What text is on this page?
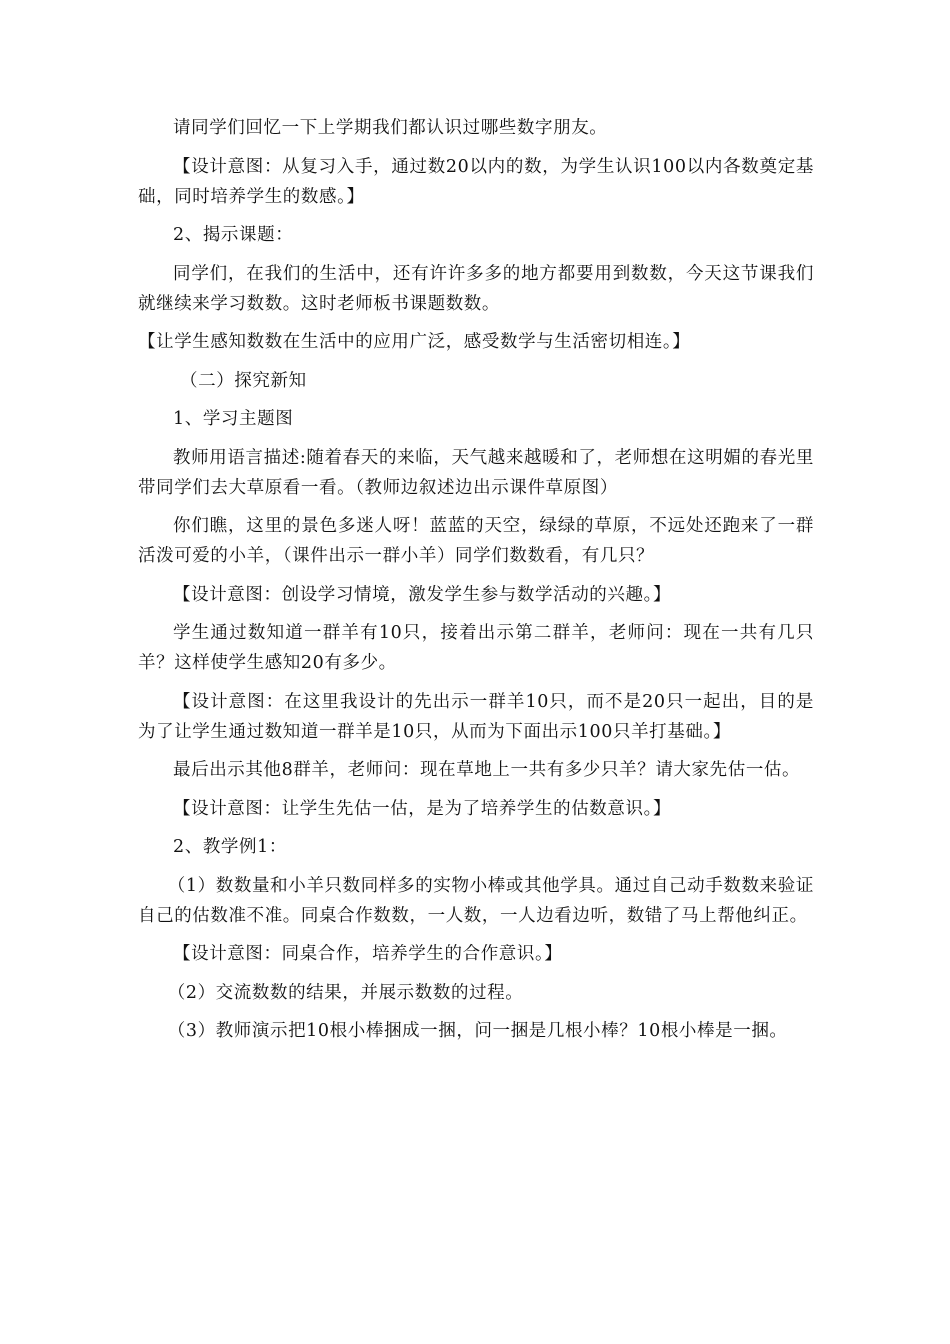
请同学们回忆一下上学期我们都认识过哪些数字朋友。

【设计意图：从复习入手，通过数20以内的数，为学生认识100以内各数奠定基础，同时培养学生的数感。】

2、揭示课题：

同学们，在我们的生活中，还有许许多多的地方都要用到数数，今天这节课我们就继续来学习数数。这时老师板书课题数数。

【让学生感知数数在生活中的应用广泛，感受数学与生活密切相连。】

（二）探究新知

1、学习主题图

教师用语言描述:随着春天的来临，天气越来越暖和了，老师想在这明媚的春光里带同学们去大草原看一看。（教师边叙述边出示课件草原图）

你们瞧，这里的景色多迷人呀！蓝蓝的天空，绿绿的草原，不远处还跑来了一群活泼可爱的小羊，（课件出示一群小羊）同学们数数看，有几只？

【设计意图：创设学习情境，激发学生参与数学活动的兴趣。】

学生通过数知道一群羊有10只，接着出示第二群羊，老师问：现在一共有几只羊？这样使学生感知20有多少。

【设计意图：在这里我设计的先出示一群羊10只，而不是20只一起出，目的是为了让学生通过数知道一群羊是10只，从而为下面出示100只羊打基础。】

最后出示其他8群羊，老师问：现在草地上一共有多少只羊？请大家先估一估。

【设计意图：让学生先估一估，是为了培养学生的估数意识。】

2、教学例1：

（1）数数量和小羊只数同样多的实物小棒或其他学具。通过自己动手数数来验证自己的估数准不准。同桌合作数数，一人数，一人边看边听，数错了马上帮他纠正。

【设计意图：同桌合作，培养学生的合作意识。】

（2）交流数数的结果，并展示数数的过程。

（3）教师演示把10根小棒捆成一捆，问一捆是几根小棒？10根小棒是一捆。
